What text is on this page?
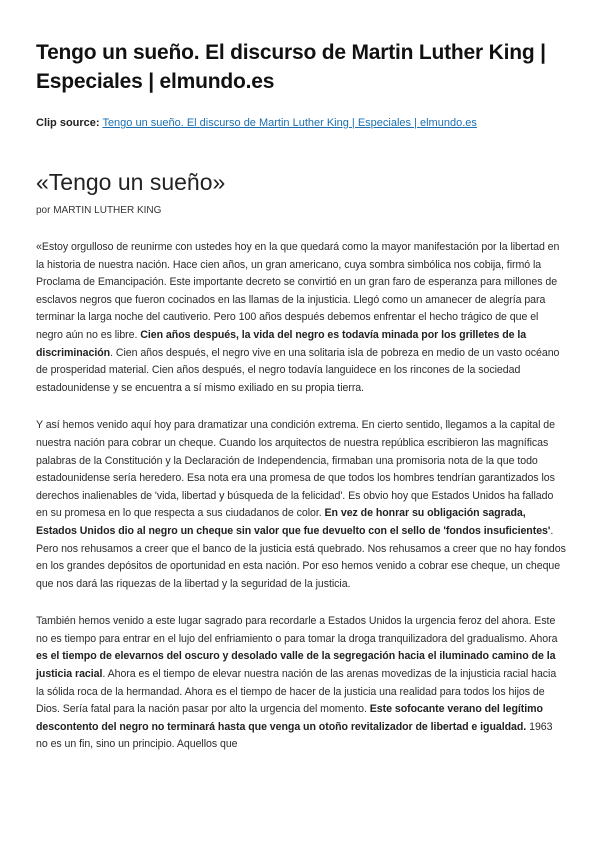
Tengo un sueño. El discurso de Martin Luther King | Especiales | elmundo.es
Clip source: Tengo un sueño. El discurso de Martin Luther King | Especiales | elmundo.es
«Tengo un sueño»
por MARTIN LUTHER KING

«Estoy orgulloso de reunirme con ustedes hoy en la que quedará como la mayor manifestación por la libertad en la historia de nuestra nación. Hace cien años, un gran americano, cuya sombra simbólica nos cobija, firmó la Proclama de Emancipación. Este importante decreto se convirtió en un gran faro de esperanza para millones de esclavos negros que fueron cocinados en las llamas de la injusticia. Llegó como un amanecer de alegría para terminar la larga noche del cautiverio. Pero 100 años después debemos enfrentar el hecho trágico de que el negro aún no es libre. Cien años después, la vida del negro es todavía minada por los grilletes de la discriminación. Cien años después, el negro vive en una solitaria isla de pobreza en medio de un vasto océano de prosperidad material. Cien años después, el negro todavía languidece en los rincones de la sociedad estadounidense y se encuentra a sí mismo exiliado en su propia tierra.

Y así hemos venido aquí hoy para dramatizar una condición extrema. En cierto sentido, llegamos a la capital de nuestra nación para cobrar un cheque. Cuando los arquitectos de nuestra república escribieron las magníficas palabras de la Constitución y la Declaración de Independencia, firmaban una promisoria nota de la que todo estadounidense sería heredero. Esa nota era una promesa de que todos los hombres tendrían garantizados los derechos inalienables de 'vida, libertad y búsqueda de la felicidad'. Es obvio hoy que Estados Unidos ha fallado en su promesa en lo que respecta a sus ciudadanos de color. En vez de honrar su obligación sagrada, Estados Unidos dio al negro un cheque sin valor que fue devuelto con el sello de 'fondos insuficientes'. Pero nos rehusamos a creer que el banco de la justicia está quebrado. Nos rehusamos a creer que no hay fondos en los grandes depósitos de oportunidad en esta nación. Por eso hemos venido a cobrar ese cheque, un cheque que nos dará las riquezas de la libertad y la seguridad de la justicia.

También hemos venido a este lugar sagrado para recordarle a Estados Unidos la urgencia feroz del ahora. Este no es tiempo para entrar en el lujo del enfriamiento o para tomar la droga tranquilizadora del gradualismo. Ahora es el tiempo de elevarnos del oscuro y desolado valle de la segregación hacia el iluminado camino de la justicia racial. Ahora es el tiempo de elevar nuestra nación de las arenas movedizas de la injusticia racial hacia la sólida roca de la hermandad. Ahora es el tiempo de hacer de la justicia una realidad para todos los hijos de Dios. Sería fatal para la nación pasar por alto la urgencia del momento. Este sofocante verano del legítimo descontento del negro no terminará hasta que venga un otoño revitalizador de libertad e igualdad. 1963 no es un fin, sino un principio. Aquellos que
